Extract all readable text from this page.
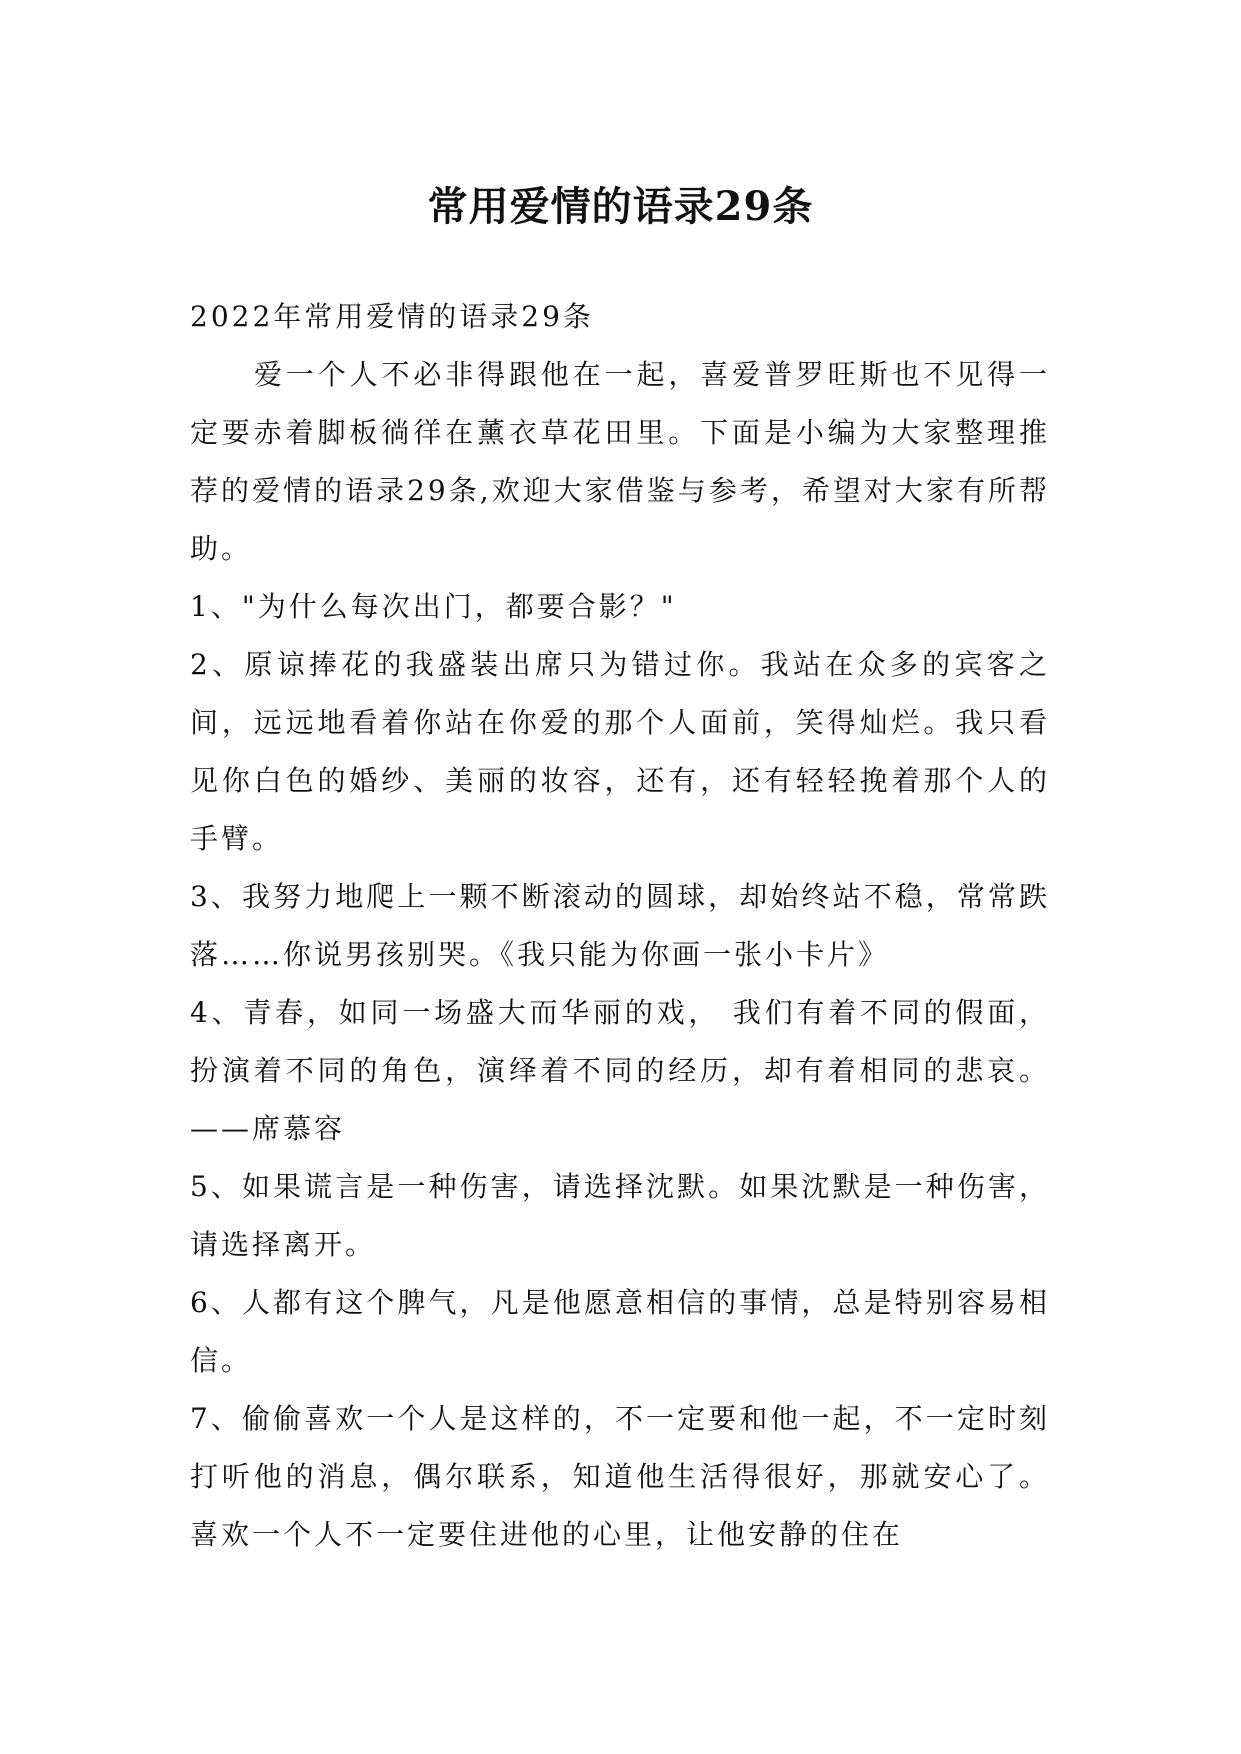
常用爱情的语录29条

2022年常用爱情的语录29条

爱一个人不必非得跟他在一起，喜爱普罗旺斯也不见得一定要赤着脚板徜徉在薰衣草花田里。下面是小编为大家整理推荐的爱情的语录29条,欢迎大家借鉴与参考，希望对大家有所帮助。

1、"为什么每次出门，都要合影？"

2、原谅捧花的我盛装出席只为错过你。我站在众多的宾客之间，远远地看着你站在你爱的那个人面前，笑得灿烂。我只看见你白色的婚纱、美丽的妆容，还有，还有轻轻挽着那个人的手臂。

3、我努力地爬上一颗不断滚动的圆球，却始终站不稳，常常跌落……你说男孩别哭。《我只能为你画一张小卡片》

4、青春，如同一场盛大而华丽的戏， 我们有着不同的假面，扮演着不同的角色，演绎着不同的经历，却有着相同的悲哀。——席慕容

5、如果谎言是一种伤害，请选择沈默。如果沈默是一种伤害，请选择离开。

6、人都有这个脾气，凡是他愿意相信的事情，总是特别容易相信。

7、偷偷喜欢一个人是这样的，不一定要和他一起，不一定时刻打听他的消息，偶尔联系，知道他生活得很好，那就安心了。喜欢一个人不一定要住进他的心里，让他安静的住在
